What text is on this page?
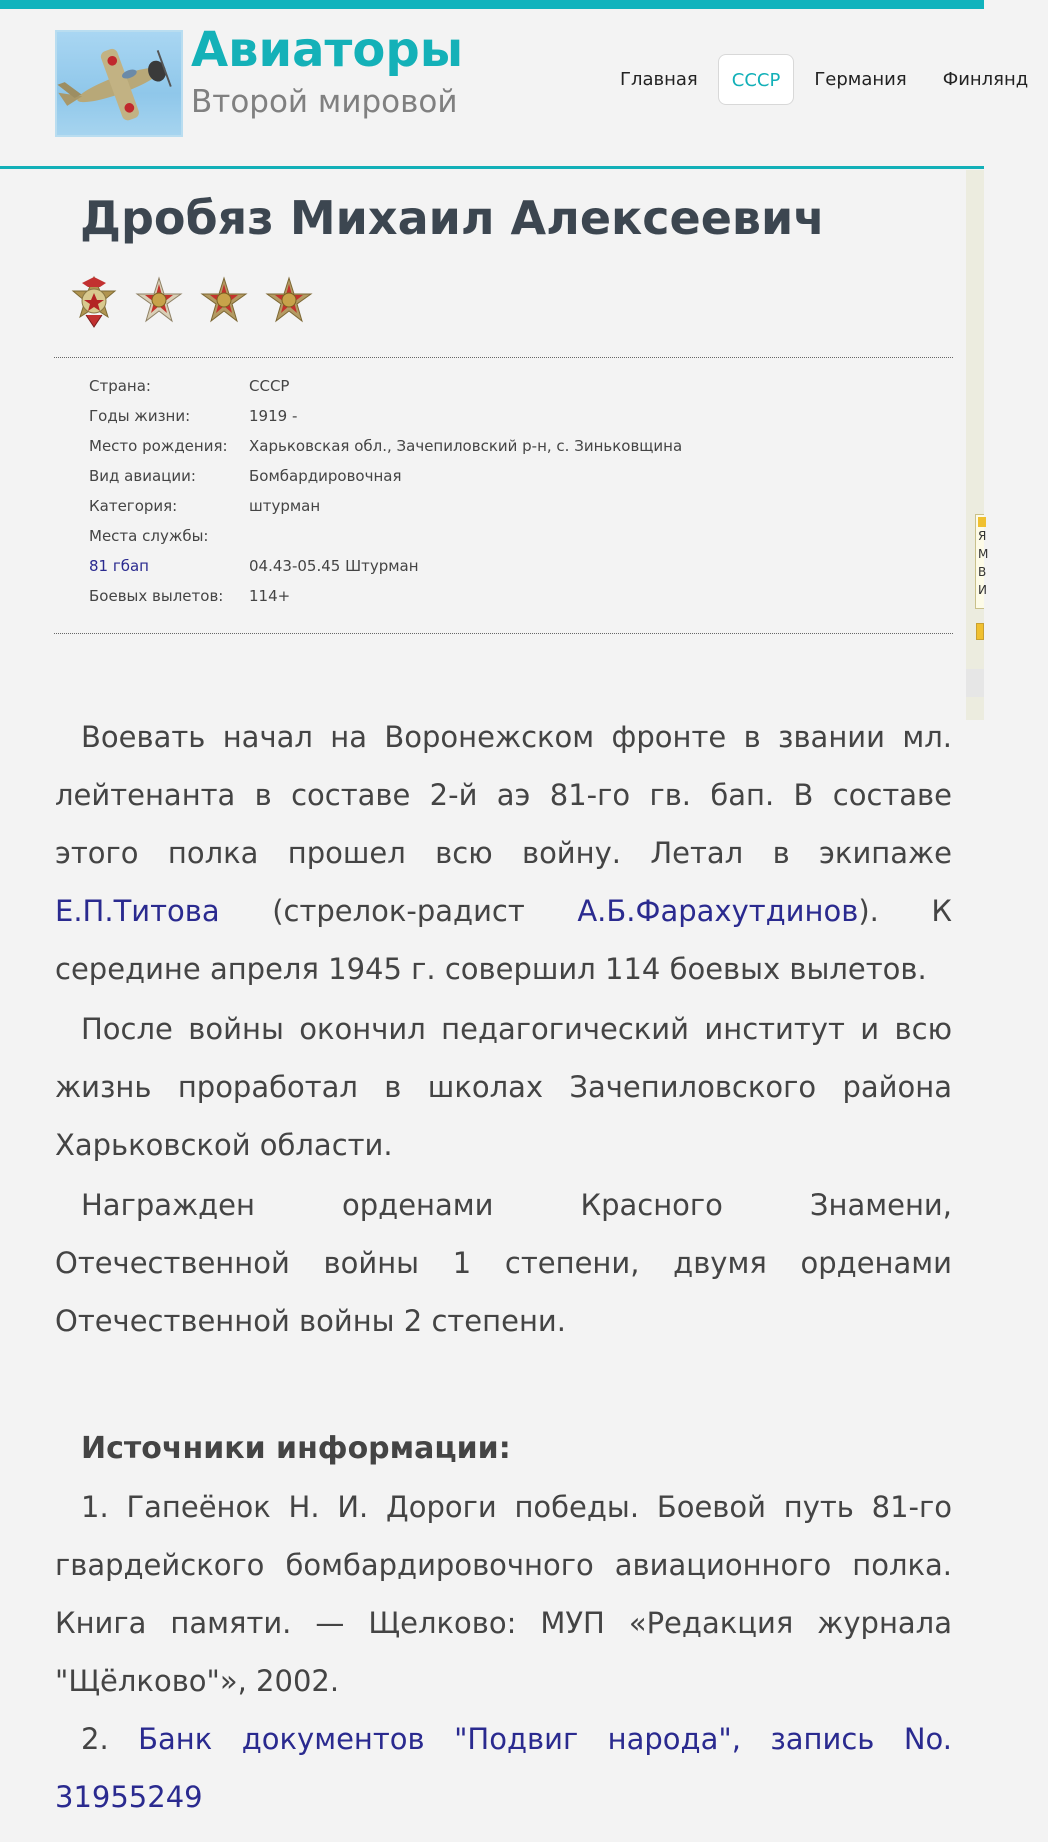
Авиаторы
Второй мировой
Главная	СССР	Германия	Финлянд
Я М В И
Дробяз Михаил Алексеевич
Страна:	СССР
Годы жизни:	1919 -
Место рождения:	Харьковская обл., Зачепиловский р-н, с. Зиньковщина
Вид авиации:	Бомбардировочная
Категория:	штурман
Места службы:
81 гбап	04.43-05.45 Штурман
Боевых вылетов:	114+

Воевать начал на Воронежском фронте в звании мл. лейтенанта в составе 2-й аэ 81-го гв. бап. В составе этого полка прошел всю войну. Летал в экипаже Е.П.Титова (стрелок-радист А.Б.Фарахутдинов). К середине апреля 1945 г. совершил 114 боевых вылетов.

После войны окончил педагогический институт и всю жизнь проработал в школах Зачепиловского района Харьковской области.

Награжден орденами Красного Знамени, Отечественной войны 1 степени, двумя орденами Отечественной войны 2 степени.

Источники информации:

1. Гапеёнок Н. И. Дороги победы. Боевой путь 81-го гвардейского бомбардировочного авиационного полка. Книга памяти. — Щелково: МУП «Редакция журнала "Щёлково"», 2002.

2. Банк документов "Подвиг народа", запись No. 31955249
